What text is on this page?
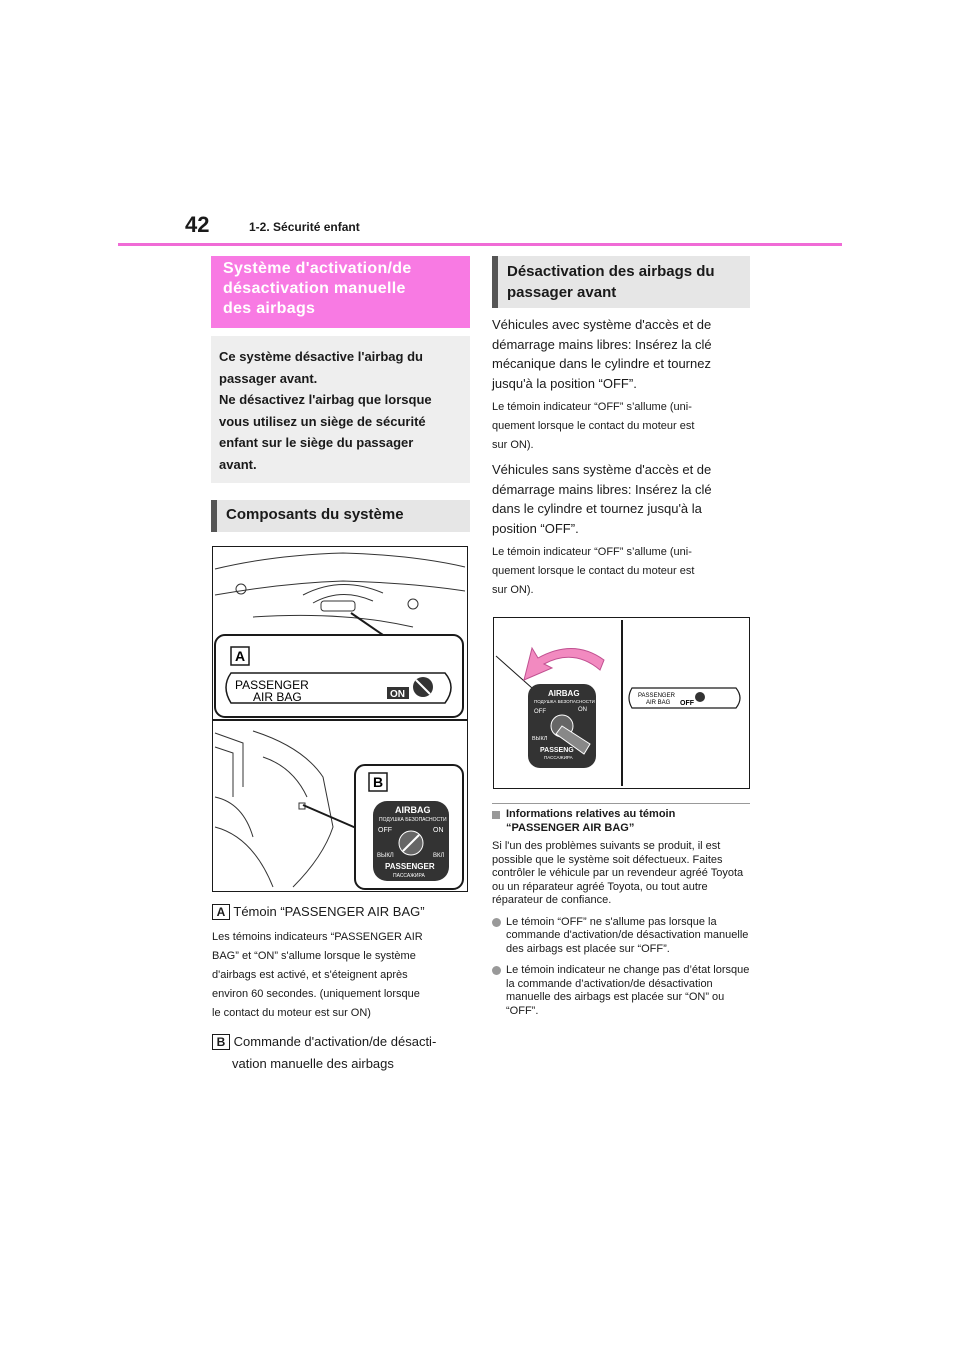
42	1-2. Sécurité enfant
Système d'activation/de
désactivation manuelle
des airbags
Ce système désactive l'airbag du
passager avant.
Ne désactivez l'airbag que lorsque
vous utilisez un siège de sécurité
enfant sur le siège du passager
avant.
Composants du système
A
PASSENGER
AIR BAG	ON
B
AIRBAG
ПОДУШКА БЕЗОПАСНОСТИ
OFF	ON
ВЫКЛ	ВКЛ
PASSENGER
ПАССАЖИРА
A Témoin “PASSENGER AIR BAG”
Les témoins indicateurs “PASSENGER AIR
BAG” et “ON” s'allume lorsque le système
d'airbags est activé, et s'éteignent après
environ 60 secondes. (uniquement lorsque
le contact du moteur est sur ON)
B Commande d'activation/de désacti-
vation manuelle des airbags
Désactivation des airbags du
passager avant
Véhicules avec système d'accès et de
démarrage mains libres: Insérez la clé
mécanique dans le cylindre et tournez
jusqu'à la position “OFF”.
Le témoin indicateur “OFF” s’allume (uni-
quement lorsque le contact du moteur est
sur ON).
Véhicules sans système d'accès et de
démarrage mains libres: Insérez la clé
dans le cylindre et tournez jusqu'à la
position “OFF”.
Le témoin indicateur “OFF” s’allume (uni-
quement lorsque le contact du moteur est
sur ON).
AIRBAG
ПОДУШКА БЕЗОПАСНОСТИ
OFF	ON
ВЫКЛ
PASSENG
ПАССАЖИРА
PASSENGER
AIR BAG OFF
Informations relatives au témoin
“PASSENGER AIR BAG”
Si l'un des problèmes suivants se produit, il est possible que le système soit défectueux. Faites contrôler le véhicule par un revendeur agréé Toyota ou un réparateur agréé Toyota, ou tout autre réparateur de confiance.
Le témoin “OFF” ne s'allume pas lorsque la commande d'activation/de désactivation manuelle des airbags est placée sur “OFF”.
Le témoin indicateur ne change pas d’état lorsque la commande d’activation/de désactivation manuelle des airbags est placée sur “ON” ou “OFF”.
